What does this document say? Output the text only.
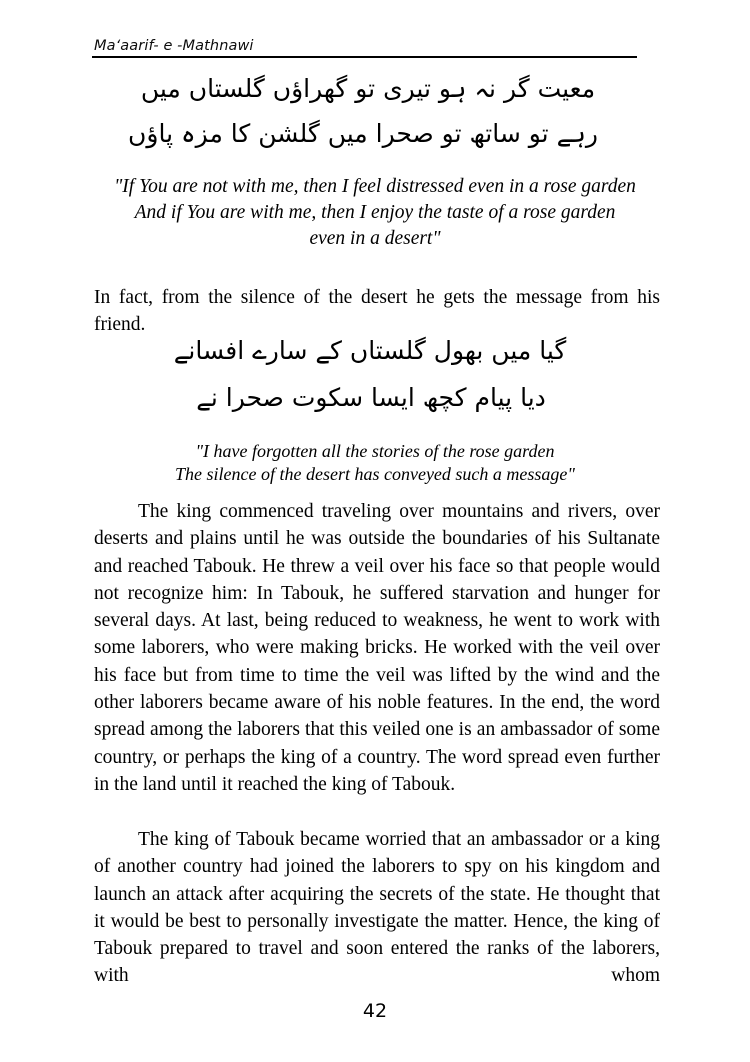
Ma‘aarif- e -Mathnawi
معیت گر نہ ہو تیری تو گھراؤں گلستاں میں
رہے تو ساتھ تو صحرا میں گلشن کا مزہ پاؤں
"If You are not with me, then I feel distressed even in a rose garden
And if You are with me, then I enjoy the taste of a rose garden
even in a desert"

In fact, from the silence of the desert he gets the message from his friend.

گیا میں بھول گلستاں کے سارے افسانے
دیا پیام کچھ ایسا سکوت صحرا نے
"I have forgotten all the stories of the rose garden
The silence of the desert has conveyed such a message"

The king commenced traveling over mountains and rivers, over deserts and plains until he was outside the boundaries of his Sultanate and reached Tabouk. He threw a veil over his face so that people would not recognize him: In Tabouk, he suffered starvation and hunger for several days. At last, being reduced to weakness, he went to work with some laborers, who were making bricks. He worked with the veil over his face but from time to time the veil was lifted by the wind and the other laborers became aware of his noble features. In the end, the word spread among the laborers that this veiled one is an ambassador of some country, or perhaps the king of a country. The word spread even further in the land until it reached the king of Tabouk.

The king of Tabouk became worried that an ambassador or a king of another country had joined the laborers to spy on his kingdom and launch an attack after acquiring the secrets of the state. He thought that it would be best to personally investigate the matter. Hence, the king of Tabouk prepared to travel and soon entered the ranks of the laborers, with whom

42
